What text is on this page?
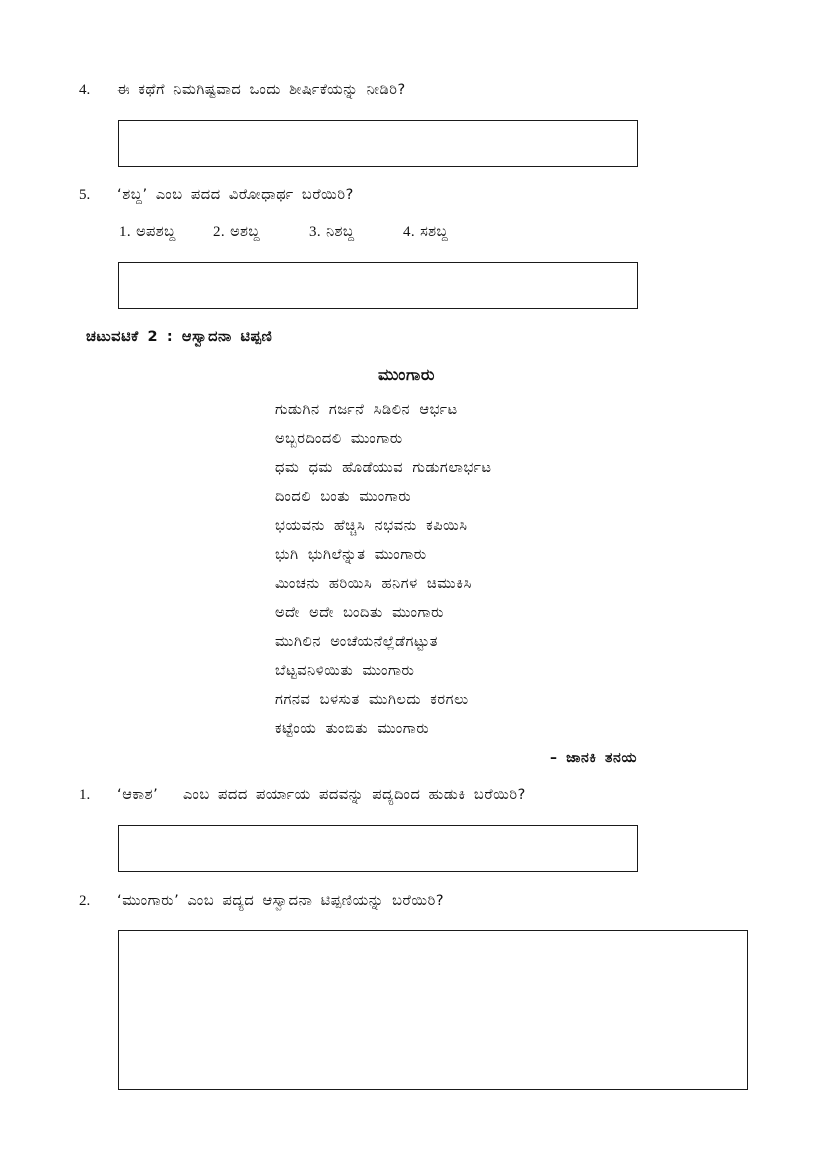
4. ಈ ಕಥೆಗೆ ನಿಮಗಿಷ್ಟವಾದ ಒಂದು ಶೀರ್ಷಿಕೆಯನ್ನು ನೀಡಿರಿ?
5. ‘ಶಬ್ದ’ ಎಂಬ ಪದದ ವಿರೋಧಾರ್ಥ ಬರೆಯಿರಿ?
1. ಅಪಶಬ್ದ 2. ಅಶಬ್ದ	3. ನಿಶಬ್ದ	4. ಸಶಬ್ದ
ಚಟುವಟಿಕೆ 2 : ಆಸ್ವಾದನಾ ಟಿಪ್ಪಣಿ
ಮುಂಗಾರು
ಗುಡುಗಿನ ಗರ್ಜನೆ ಸಿಡಿಲಿನ ಆರ್ಭಟ
ಅಬ್ಬರದಿಂದಲಿ ಮುಂಗಾರು
ಧಮ ಧಮ ಹೊಡೆಯುವ ಗುಡುಗಲಾರ್ಭಟ
ದಿಂದಲಿ ಬಂತು ಮುಂಗಾರು
ಭಯವನು ಹೆಚ್ಚಿಸಿ ನಭವನು ಕಪಿಯಿಸಿ
ಭುಗಿ ಭುಗಿಲೆನ್ನುತ ಮುಂಗಾರು
ಮಿಂಚನು ಹರಿಯಿಸಿ ಹನಿಗಳ ಚಿಮುಕಿಸಿ
ಅದೇ ಅದೇ ಬಂದಿತು ಮುಂಗಾರು
ಮುಗಿಲಿನ ಅಂಚೆಯನೆಲ್ಲೆಡೆಗಟ್ಟುತ
ಬೆಟ್ಟವನಿಳಿಯಿತು ಮುಂಗಾರು
ಗಗನವ ಬಳಸುತ ಮುಗಿಲದು ಕರಗಲು
ಕಟ್ಟೆಂಯ ತುಂಬಿತು ಮುಂಗಾರು
– ಜಾನಕಿ ತನಯ
1. ‘ಆಕಾಶ’   ಎಂಬ ಪದದ ಪರ್ಯಾಯ ಪದವನ್ನು ಪದ್ಯದಿಂದ ಹುಡುಕಿ ಬರೆಯಿರಿ?
2. ‘ಮುಂಗಾರು’ ಎಂಬ ಪದ್ಯದ ಆಸ್ವಾದನಾ ಟಿಪ್ಪಣಿಯನ್ನು ಬರೆಯಿರಿ?
